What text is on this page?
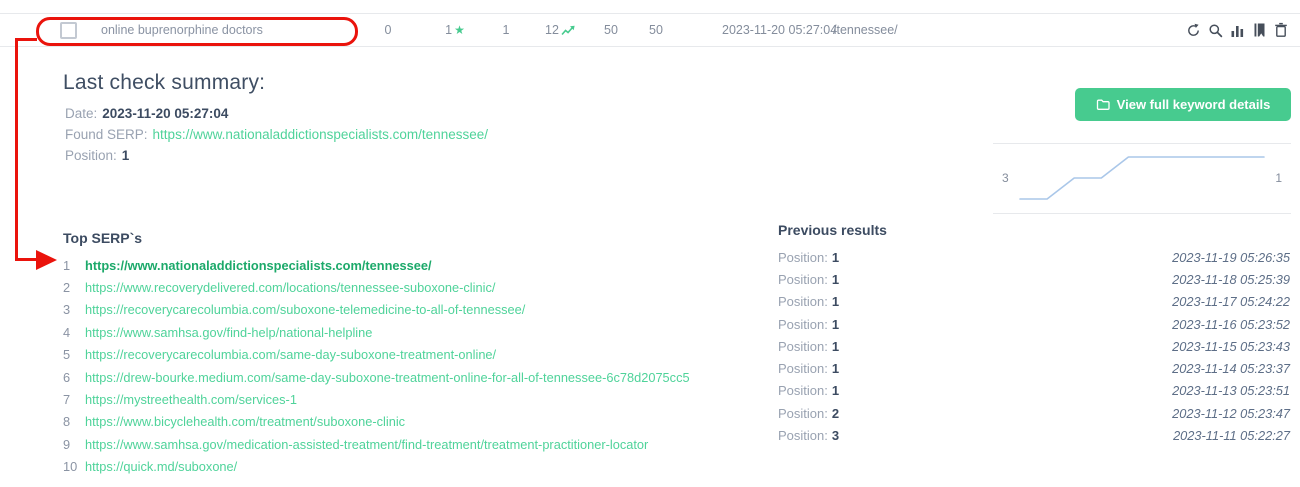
online buprenorphine doctors	0	1 ★	1	12	50 50	2023-11-20 05:27:04
/tennessee/
Last check summary:
Date: 2023-11-20 05:27:04
Found SERP: https://www.nationaladdictionspecialists.com/tennessee/
Position: 1
View full keyword details
3	1
Top SERP`s
1	https://www.nationaladdictionspecialists.com/tennessee/
2	https://www.recoverydelivered.com/locations/tennessee-suboxone-clinic/
3	https://recoverycarecolumbia.com/suboxone-telemedicine-to-all-of-tennessee/
4	https://www.samhsa.gov/find-help/national-helpline
5	https://recoverycarecolumbia.com/same-day-suboxone-treatment-online/
6	https://drew-bourke.medium.com/same-day-suboxone-treatment-online-for-all-of-tennessee-6c78d2075cc5
7	https://mystreethealth.com/services-1
8	https://www.bicyclehealth.com/treatment/suboxone-clinic
9	https://www.samhsa.gov/medication-assisted-treatment/find-treatment/treatment-practitioner-locator
10 https://quick.md/suboxone/
Previous results
Position: 1	2023-11-19 05:26:35
Position: 1	2023-11-18 05:25:39
Position: 1	2023-11-17 05:24:22
Position: 1	2023-11-16 05:23:52
Position: 1	2023-11-15 05:23:43
Position: 1	2023-11-14 05:23:37
Position: 1	2023-11-13 05:23:51
Position: 2	2023-11-12 05:23:47
Position: 3	2023-11-11 05:22:27
